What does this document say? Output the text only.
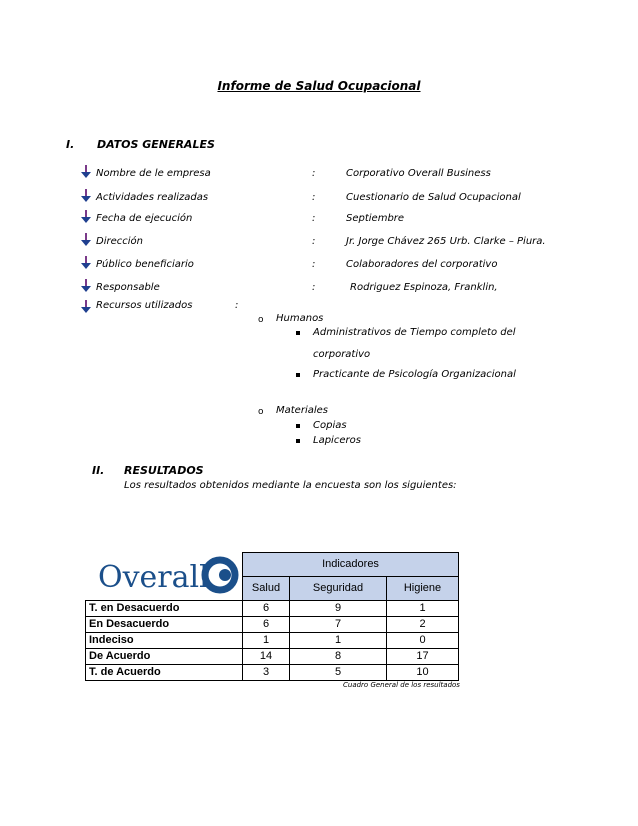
Informe de Salud Ocupacional
I. DATOS GENERALES
Nombre de le empresa	:	Corporativo Overall Business
Actividades realizadas	:	Cuestionario de Salud Ocupacional
Fecha de ejecución	:	Septiembre
Dirección	:	Jr. Jorge Chávez 265 Urb. Clarke – Piura.
Público beneficiario	:	Colaboradores del corporativo
Responsable	:	Rodriguez Espinoza, Franklin,
Recursos utilizados	:
o Humanos
Administrativos de Tiempo completo del
corporativo
Practicante de Psicología Organizacional
o Materiales
Copias
Lapiceros
II. RESULTADOS
Los resultados obtenidos mediante la encuesta son los siguientes:
Overall	Indicadores		
	Salud	Seguridad	Higiene
T. en Desacuerdo	6	9	1
En Desacuerdo	6	7	2
Indeciso	1	1	0
De Acuerdo	14	8	17
T. de Acuerdo	3	5	10
Cuadro General de los resultados
